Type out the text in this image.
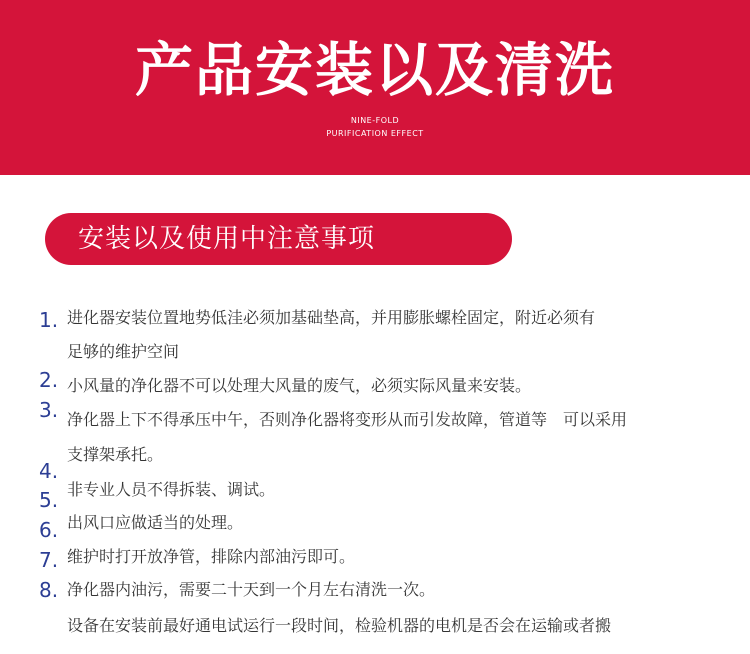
产品安装以及清洗
NINE-FOLD
PURIFICATION EFFECT
安装以及使用中注意事项
1.
2.
3.
4.
5.
6.
7.
8.
进化器安装位置地势低洼必须加基础垫高，并用膨胀螺栓固定，附近必须有
足够的维护空间
小风量的净化器不可以处理大风量的废气，必须实际风量来安装。
净化器上下不得承压中午，否则净化器将变形从而引发故障，管道等　可以采用
支撑架承托。
非专业人员不得拆装、调试。
出风口应做适当的处理。
维护时打开放净管，排除内部油污即可。
净化器内油污，需要二十天到一个月左右清洗一次。
设备在安装前最好通电试运行一段时间，检验机器的电机是否会在运输或者搬
